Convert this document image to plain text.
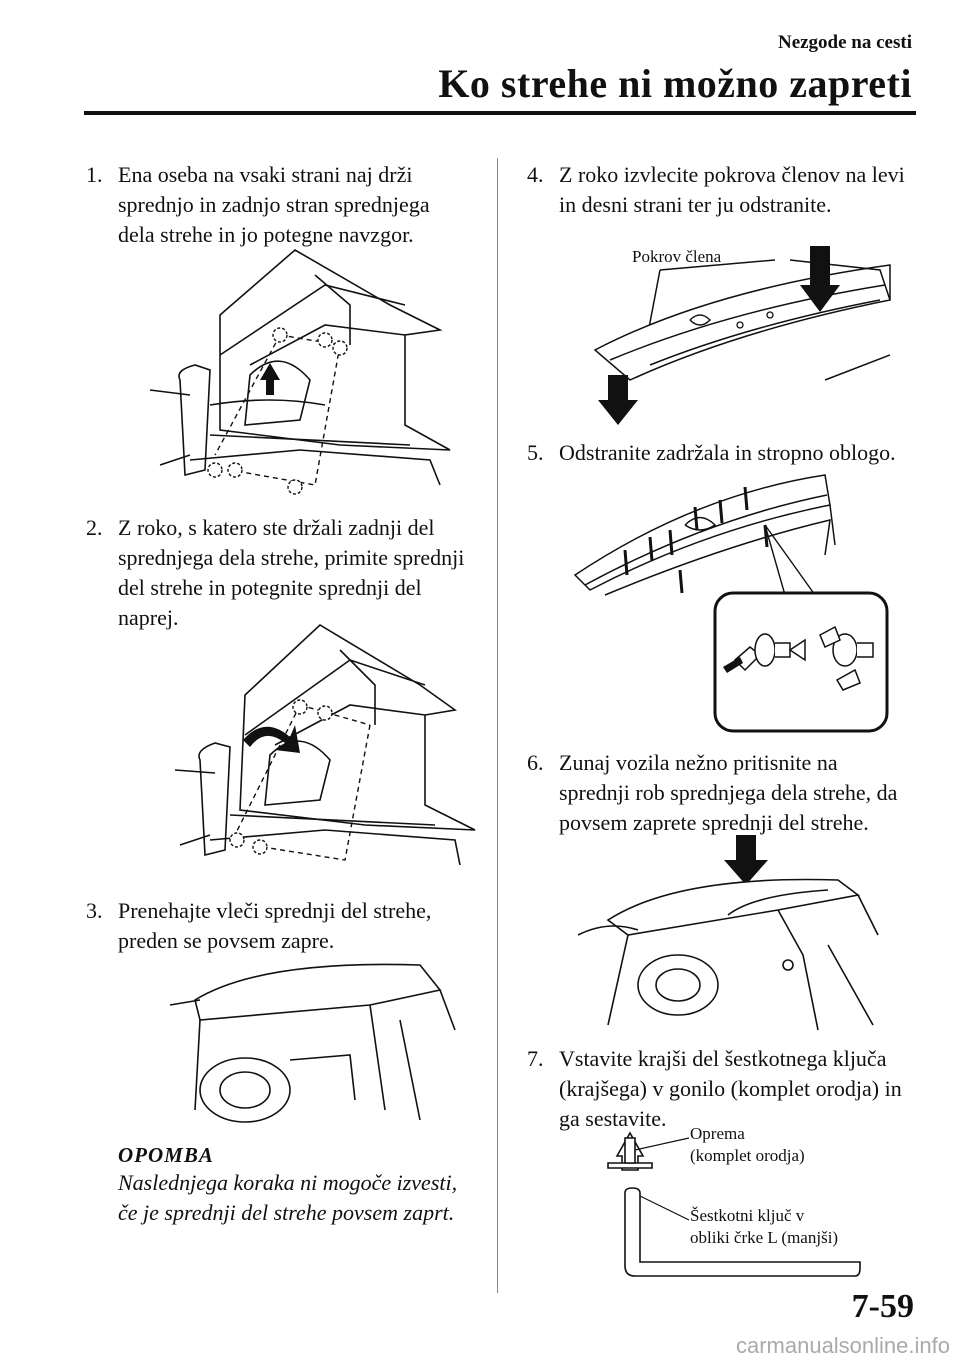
Nezgode na cesti
Ko strehe ni možno zapreti
1. Ena oseba na vsaki strani naj drži
sprednjo in zadnjo stran sprednjega
dela strehe in jo potegne navzgor.
2. Z roko, s katero ste držali zadnji del
sprednjega dela strehe, primite sprednji
del strehe in potegnite sprednji del
naprej.
3. Prenehajte vleči sprednji del strehe,
preden se povsem zapre.
OPOMBA
Naslednjega koraka ni mogoče izvesti,
če je sprednji del strehe povsem zaprt.
4. Z roko izvlecite pokrova členov na levi
in desni strani ter ju odstranite.
Pokrov člena
5. Odstranite zadržala in stropno oblogo.
6. Zunaj vozila nežno pritisnite na
sprednji rob sprednjega dela strehe, da
povsem zaprete sprednji del strehe.
7. Vstavite krajši del šestkotnega ključa
(krajšega) v gonilo (komplet orodja) in
ga sestavite.
Oprema
(komplet orodja)
Šestkotni ključ v
obliki črke L (manjši)
7-59
carmanualsonline.info
